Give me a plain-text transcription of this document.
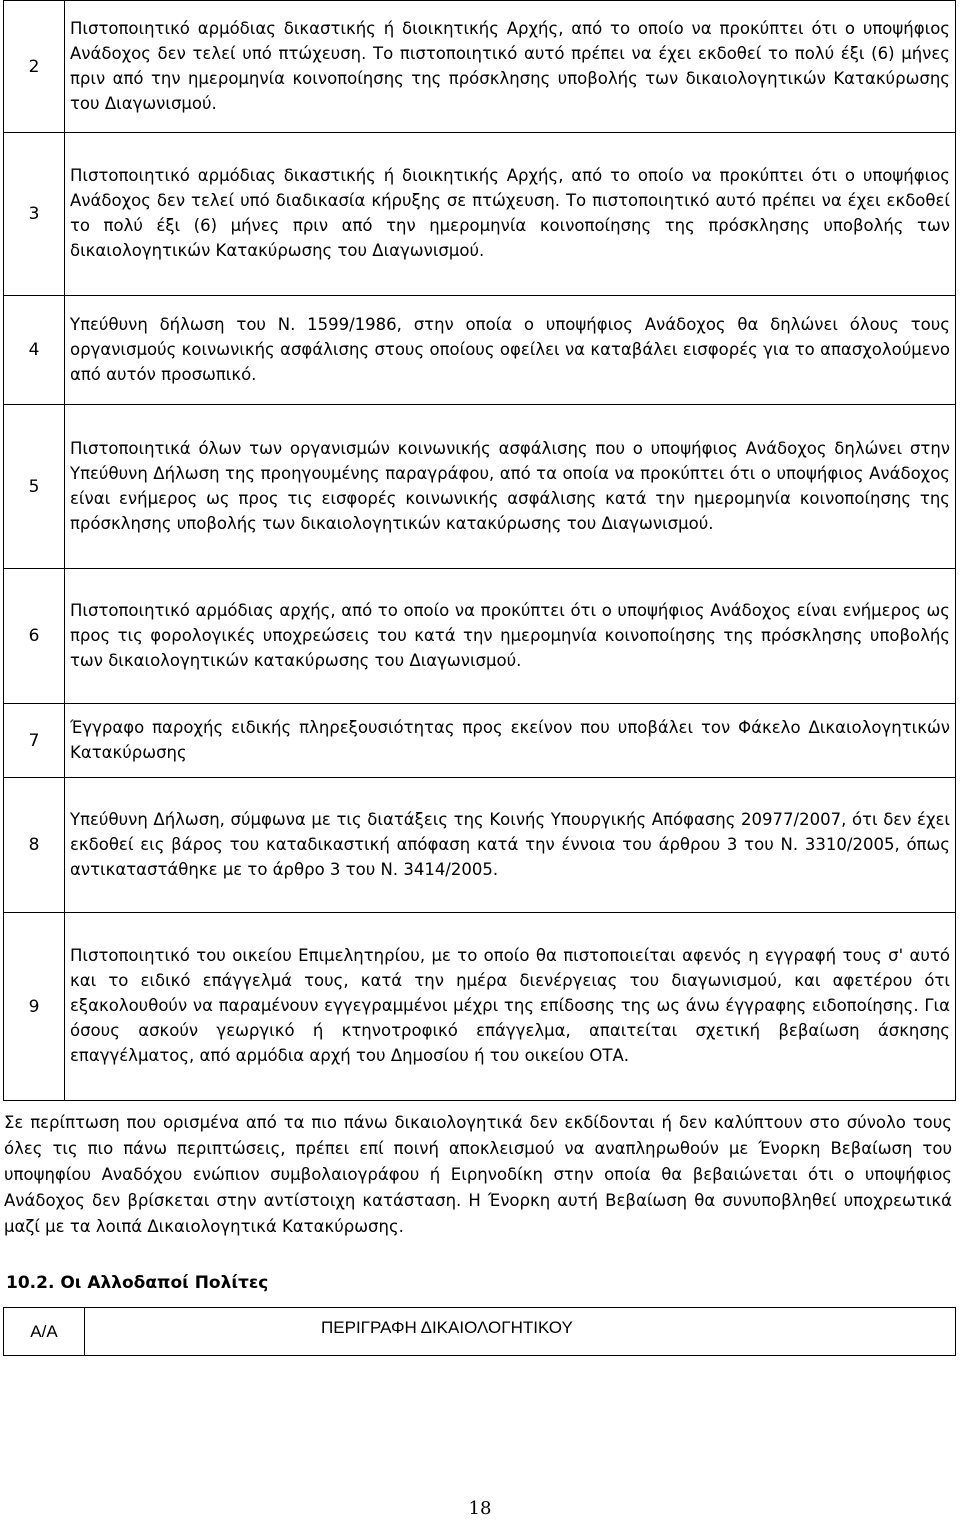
2	Πιστοποιητικό αρμόδιας δικαστικής ή διοικητικής Αρχής, από το οποίο να προκύπτει ότι ο υποψήφιος Ανάδοχος δεν τελεί υπό πτώχευση. Το πιστοποιητικό αυτό πρέπει να έχει εκδοθεί το πολύ έξι (6) μήνες πριν από την ημερομηνία κοινοποίησης της πρόσκλησης υποβολής των δικαιολογητικών Κατακύρωσης του Διαγωνισμού.
3	Πιστοποιητικό αρμόδιας δικαστικής ή διοικητικής Αρχής, από το οποίο να προκύπτει ότι ο υποψήφιος Ανάδοχος δεν τελεί υπό διαδικασία κήρυξης σε πτώχευση. Το πιστοποιητικό αυτό πρέπει να έχει εκδοθεί το πολύ έξι (6) μήνες πριν από την ημερομηνία κοινοποίησης της πρόσκλησης υποβολής των δικαιολογητικών Κατακύρωσης του Διαγωνισμού.
4	Υπεύθυνη δήλωση του Ν. 1599/1986, στην οποία ο υποψήφιος Ανάδοχος θα δηλώνει όλους τους οργανισμούς κοινωνικής ασφάλισης στους οποίους οφείλει να καταβάλει εισφορές για το απασχολούμενο από αυτόν προσωπικό.
5	Πιστοποιητικά όλων των οργανισμών κοινωνικής ασφάλισης που ο υποψήφιος Ανάδοχος δηλώνει στην Υπεύθυνη Δήλωση της προηγουμένης παραγράφου, από τα οποία να προκύπτει ότι ο υποψήφιος Ανάδοχος είναι ενήμερος ως προς τις εισφορές κοινωνικής ασφάλισης κατά την ημερομηνία κοινοποίησης της πρόσκλησης υποβολής των δικαιολογητικών κατακύρωσης του Διαγωνισμού.
6	Πιστοποιητικό αρμόδιας αρχής, από το οποίο να προκύπτει ότι ο υποψήφιος Ανάδοχος είναι ενήμερος ως προς τις φορολογικές υποχρεώσεις του κατά την ημερομηνία κοινοποίησης της πρόσκλησης υποβολής των δικαιολογητικών κατακύρωσης του Διαγωνισμού.
7	Έγγραφο παροχής ειδικής πληρεξουσιότητας προς εκείνον που υποβάλει τον Φάκελο Δικαιολογητικών Κατακύρωσης
8	Υπεύθυνη Δήλωση, σύμφωνα με τις διατάξεις της Κοινής Υπουργικής Απόφασης 20977/2007, ότι δεν έχει εκδοθεί εις βάρος του καταδικαστική απόφαση κατά την έννοια του άρθρου 3 του Ν. 3310/2005, όπως αντικαταστάθηκε με το άρθρο 3 του Ν. 3414/2005.
9	Πιστοποιητικό του οικείου Επιμελητηρίου, με το οποίο θα πιστοποιείται αφενός η εγγραφή τους σ' αυτό και το ειδικό επάγγελμά τους, κατά την ημέρα διενέργειας του διαγωνισμού, και αφετέρου ότι εξακολουθούν να παραμένουν εγγεγραμμένοι μέχρι της επίδοσης της ως άνω έγγραφης ειδοποίησης. Για όσους ασκούν γεωργικό ή κτηνοτροφικό επάγγελμα, απαιτείται σχετική βεβαίωση άσκησης επαγγέλματος, από αρμόδια αρχή του Δημοσίου ή του οικείου ΟΤΑ.
Σε περίπτωση που ορισμένα από τα πιο πάνω δικαιολογητικά δεν εκδίδονται ή δεν καλύπτουν στο σύνολο τους όλες τις πιο πάνω περιπτώσεις, πρέπει επί ποινή αποκλεισμού να αναπληρωθούν με Ένορκη Βεβαίωση του υποψηφίου Αναδόχου ενώπιον συμβολαιογράφου ή Ειρηνοδίκη στην οποία θα βεβαιώνεται ότι ο υποψήφιος Ανάδοχος δεν βρίσκεται στην αντίστοιχη κατάσταση. Η Ένορκη αυτή Βεβαίωση θα συνυποβληθεί υποχρεωτικά μαζί με τα λοιπά Δικαιολογητικά Κατακύρωσης.
10.2. Οι Αλλοδαποί Πολίτες
Α/Α	ΠΕΡΙΓΡΑΦΗ ΔΙΚΑΙΟΛΟΓΗΤΙΚΟΥ
18
